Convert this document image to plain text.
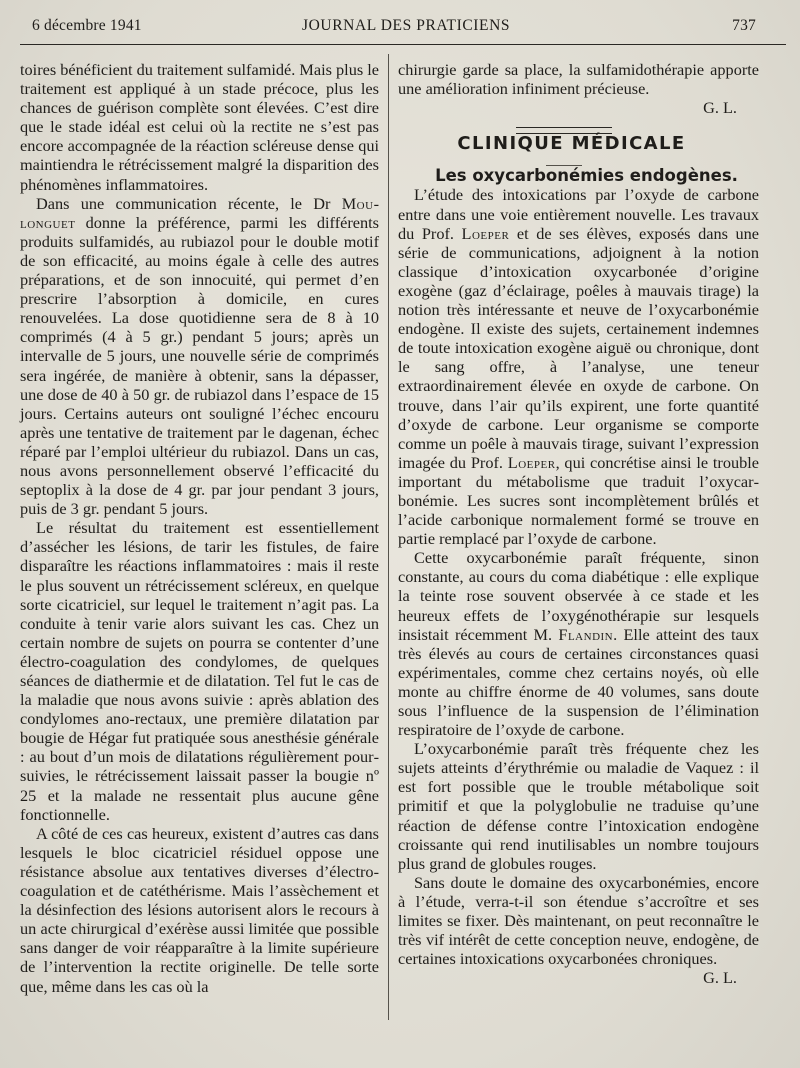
6 décembre 1941	JOURNAL DES PRATICIENS	737

toires bénéficient du traitement sulfamidé. Mais plus le traitement est appliqué à un stade précoce, plus les chances de guérison complète sont élevées. C’est dire que le stade idéal est celui où la rectite ne s’est pas encore accompagnée de la réaction scléreuse dense qui maintiendra le rétrécissement malgré la disparition des phénomènes inflammatoires.

Dans une communication récente, le Dr Moulonguet donne la préférence, parmi les différents produits sulfamidés, au rubiazol pour le double motif de son efficacité, au moins égale à celle des autres préparations, et de son innocuité, qui permet d’en prescrire l’absorption à domicile, en cures renouvelées. La dose quotidienne sera de 8 à 10 comprimés (4 à 5 gr.) pendant 5 jours; après un intervalle de 5 jours, une nouvelle série de comprimés sera ingérée, de manière à obtenir, sans la dépasser, une dose de 40 à 50 gr. de rubiazol dans l’espace de 15 jours. Certains auteurs ont souligné l’échec encouru après une tentative de traitement par le dagenan, échec réparé par l’emploi ultérieur du rubiazol. Dans un cas, nous avons personnellement observé l’efficacité du septoplix à la dose de 4 gr. par jour pendant 3 jours, puis de 3 gr. pendant 5 jours.

Le résultat du traitement est essentiellement d’assécher les lésions, de tarir les fistules, de faire disparaître les réactions inflammatoires : mais il reste le plus souvent un rétrécissement scléreux, en quelque sorte cicatriciel, sur lequel le traitement n’agit pas. La conduite à tenir varie alors suivant les cas. Chez un certain nombre de sujets on pourra se contenter d’une électro-coagulation des condylomes, de quelques séances de diathermie et de dilatation. Tel fut le cas de la maladie que nous avons suivie : après ablation des condylomes ano-rectaux, une première dilatation par bougie de Hégar fut pratiquée sous anesthésie générale : au bout d’un mois de dilatations régulièrement poursuivies, le rétrécissement laissait passer la bougie nº 25 et la malade ne ressentait plus aucune gêne fonctionnelle.

A côté de ces cas heureux, existent d’autres cas dans lesquels le bloc cicatriciel résiduel oppose une résistance absolue aux tentatives diverses d’électro-coagulation et de catéthérisme. Mais l’assèchement et la désinfection des lésions autorisent alors le recours à un acte chirurgical d’exérèse aussi limitée que possible sans danger de voir réapparaître à la limite supérieure de l’intervention la rectite originelle. De telle sorte que, même dans les cas où la

chirurgie garde sa place, la sulfamidothérapie apporte une amélioration infiniment précieuse.

G. L.

CLINIQUE MÉDICALE

Les oxycarbonémies endogènes.

L’étude des intoxications par l’oxyde de carbone entre dans une voie entièrement nouvelle. Les travaux du Prof. Loeper et de ses élèves, exposés dans une série de communications, adjoignent à la notion classique d’intoxication oxycarbonée d’origine exogène (gaz d’éclairage, poêles à mauvais tirage) la notion très intéressante et neuve de l’oxycarbonémie endogène. Il existe des sujets, certainement indemnes de toute intoxication exogène aiguë ou chronique, dont le sang offre, à l’analyse, une teneur extraordinairement élevée en oxyde de carbone. On trouve, dans l’air qu’ils expirent, une forte quantité d’oxyde de carbone. Leur organisme se comporte comme un poêle à mauvais tirage, suivant l’expression imagée du Prof. Loeper, qui concrétise ainsi le trouble important du métabolisme que traduit l’oxycarbonémie. Les sucres sont incomplètement brûlés et l’acide carbonique normalement formé se trouve en partie remplacé par l’oxyde de carbone.

Cette oxycarbonémie paraît fréquente, sinon constante, au cours du coma diabétique : elle explique la teinte rose souvent observée à ce stade et les heureux effets de l’oxygénothérapie sur lesquels insistait récemment M. Flandin. Elle atteint des taux très élevés au cours de certaines circonstances quasi expérimentales, comme chez certains noyés, où elle monte au chiffre énorme de 40 volumes, sans doute sous l’influence de la suspension de l’élimination respiratoire de l’oxyde de carbone.

L’oxycarbonémie paraît très fréquente chez les sujets atteints d’érythrémie ou maladie de Vaquez : il est fort possible que le trouble métabolique soit primitif et que la polyglobulie ne traduise qu’une réaction de défense contre l’intoxication endogène croissante qui rend inutilisables un nombre toujours plus grand de globules rouges.

Sans doute le domaine des oxycarbonémies, encore à l’étude, verra-t-il son étendue s’accroître et ses limites se fixer. Dès maintenant, on peut reconnaître le très vif intérêt de cette conception neuve, endogène, de certaines intoxications oxycarbonées chroniques.
G. L.
